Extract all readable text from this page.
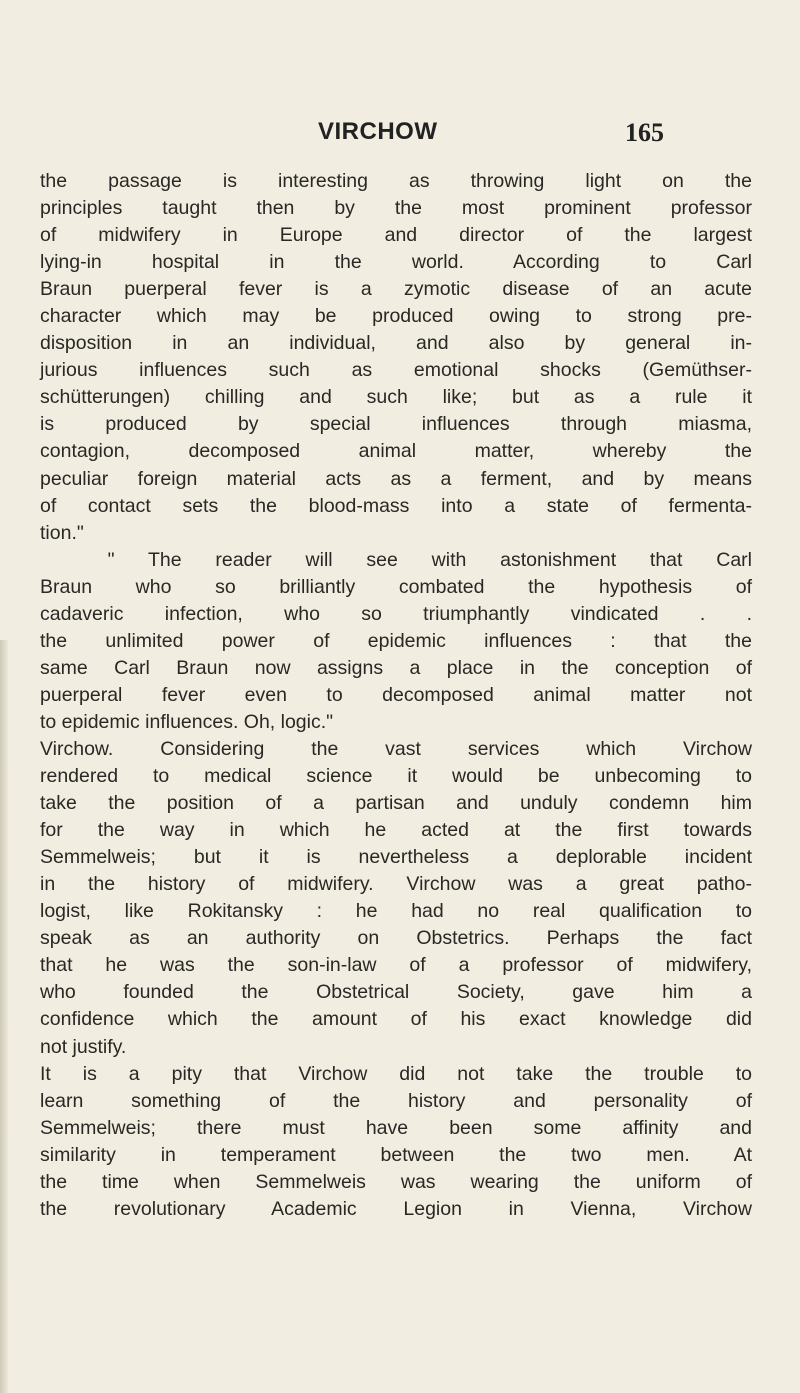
VIRCHOW	165
the passage is interesting as throwing light on the
principles taught then by the most prominent professor
of midwifery in Europe and director of the largest
lying-in hospital in the world. According to Carl
Braun puerperal fever is a zymotic disease of an acute
character which may be produced owing to strong pre-
disposition in an individual, and also by general in-
jurious influences such as emotional shocks (Gemüthser-
schütterungen) chilling and such like; but as a rule it
is produced by special influences through miasma,
contagion, decomposed animal matter, whereby the
peculiar foreign material acts as a ferment, and by means
of contact sets the blood-mass into a state of fermenta-
tion."
" The reader will see with astonishment that Carl
Braun who so brilliantly combated the hypothesis of
cadaveric infection, who so triumphantly vindicated . .
the unlimited power of epidemic influences : that the
same Carl Braun now assigns a place in the conception of
puerperal fever even to decomposed animal matter not
to epidemic influences. Oh, logic."
Virchow. Considering the vast services which Virchow
rendered to medical science it would be unbecoming to
take the position of a partisan and unduly condemn him
for the way in which he acted at the first towards
Semmelweis; but it is nevertheless a deplorable incident
in the history of midwifery. Virchow was a great patho-
logist, like Rokitansky : he had no real qualification to
speak as an authority on Obstetrics. Perhaps the fact
that he was the son-in-law of a professor of midwifery,
who founded the Obstetrical Society, gave him a
confidence which the amount of his exact knowledge did
not justify.
It is a pity that Virchow did not take the trouble to
learn something of the history and personality of
Semmelweis; there must have been some affinity and
similarity in temperament between the two men. At
the time when Semmelweis was wearing the uniform of
the revolutionary Academic Legion in Vienna, Virchow
